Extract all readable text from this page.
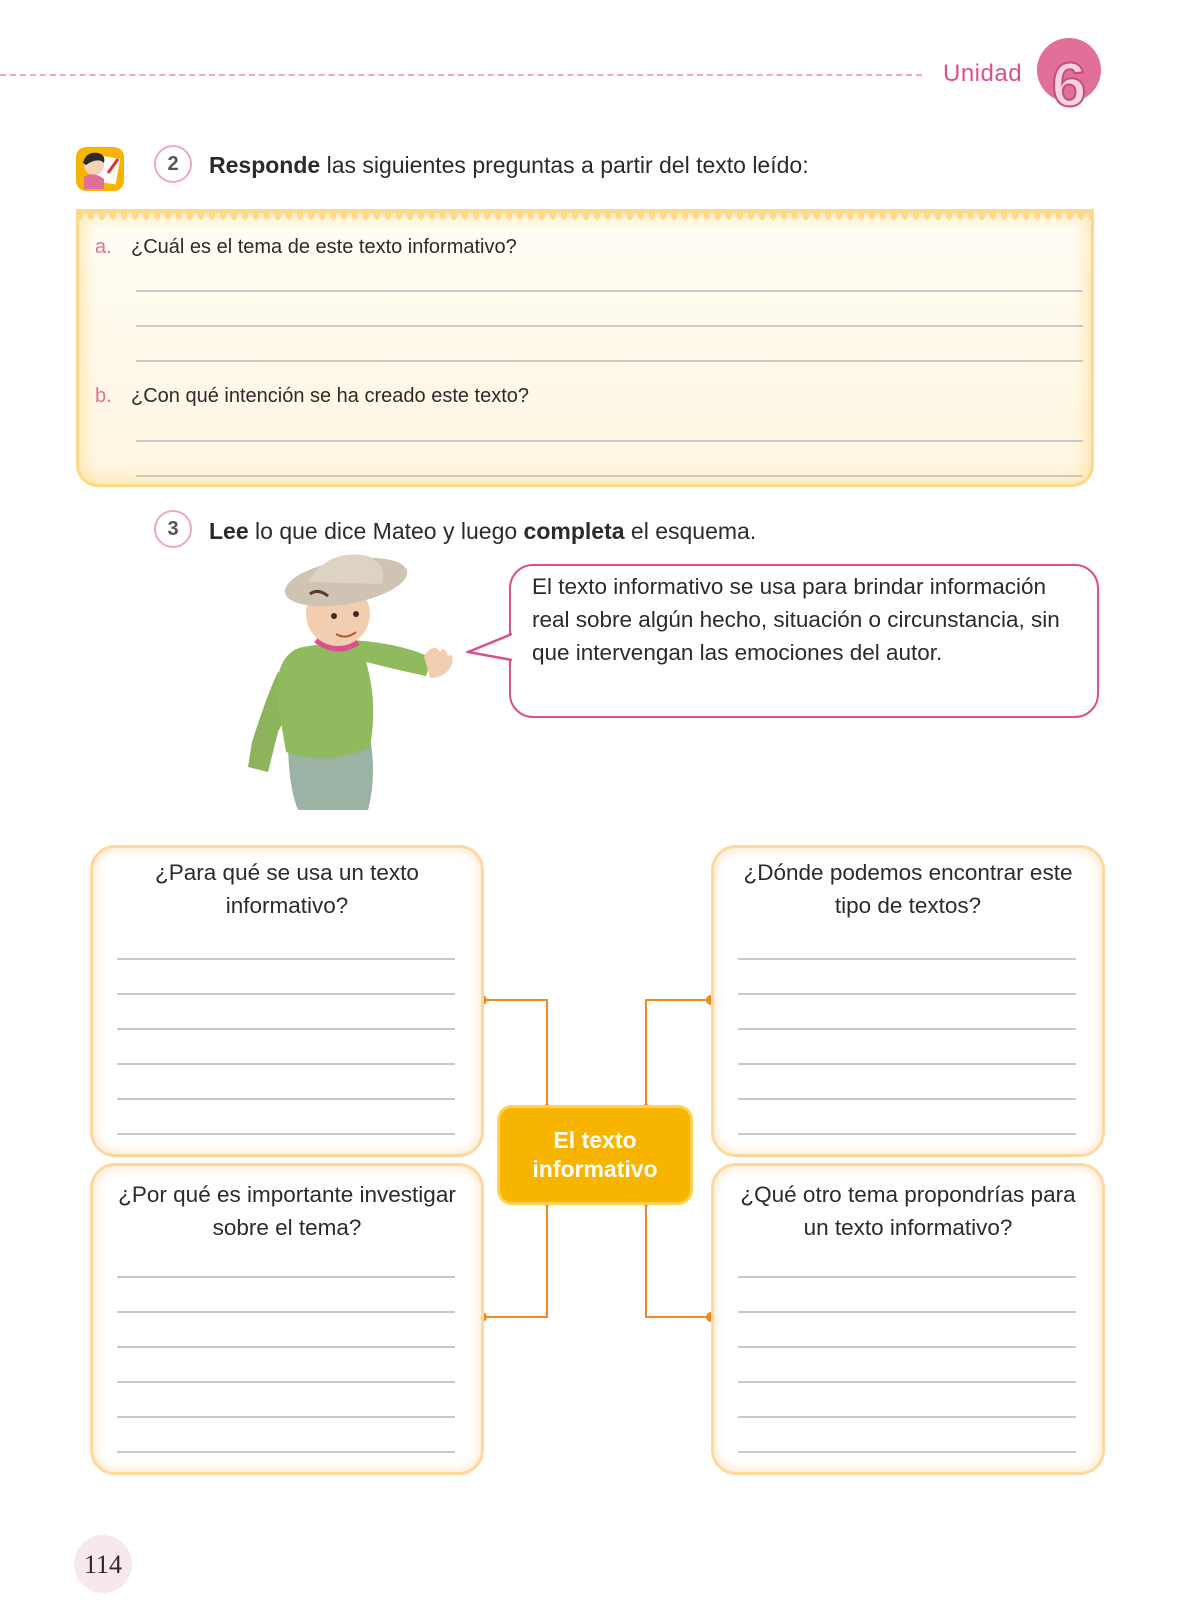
Unidad 6
2	Responde las siguientes preguntas a partir del texto leído:
a. ¿Cuál es el tema de este texto informativo?
b. ¿Con qué intención se ha creado este texto?
3	Lee lo que dice Mateo y luego completa el esquema.
El texto informativo se usa para brindar información real sobre algún hecho, situación o circunstancia, sin que intervengan las emociones del autor.
¿Para qué se usa un texto informativo?
¿Dónde podemos encontrar este tipo de textos?
¿Por qué es importante investigar sobre el tema?
¿Qué otro tema propondrías para un texto informativo?
El texto informativo
114
